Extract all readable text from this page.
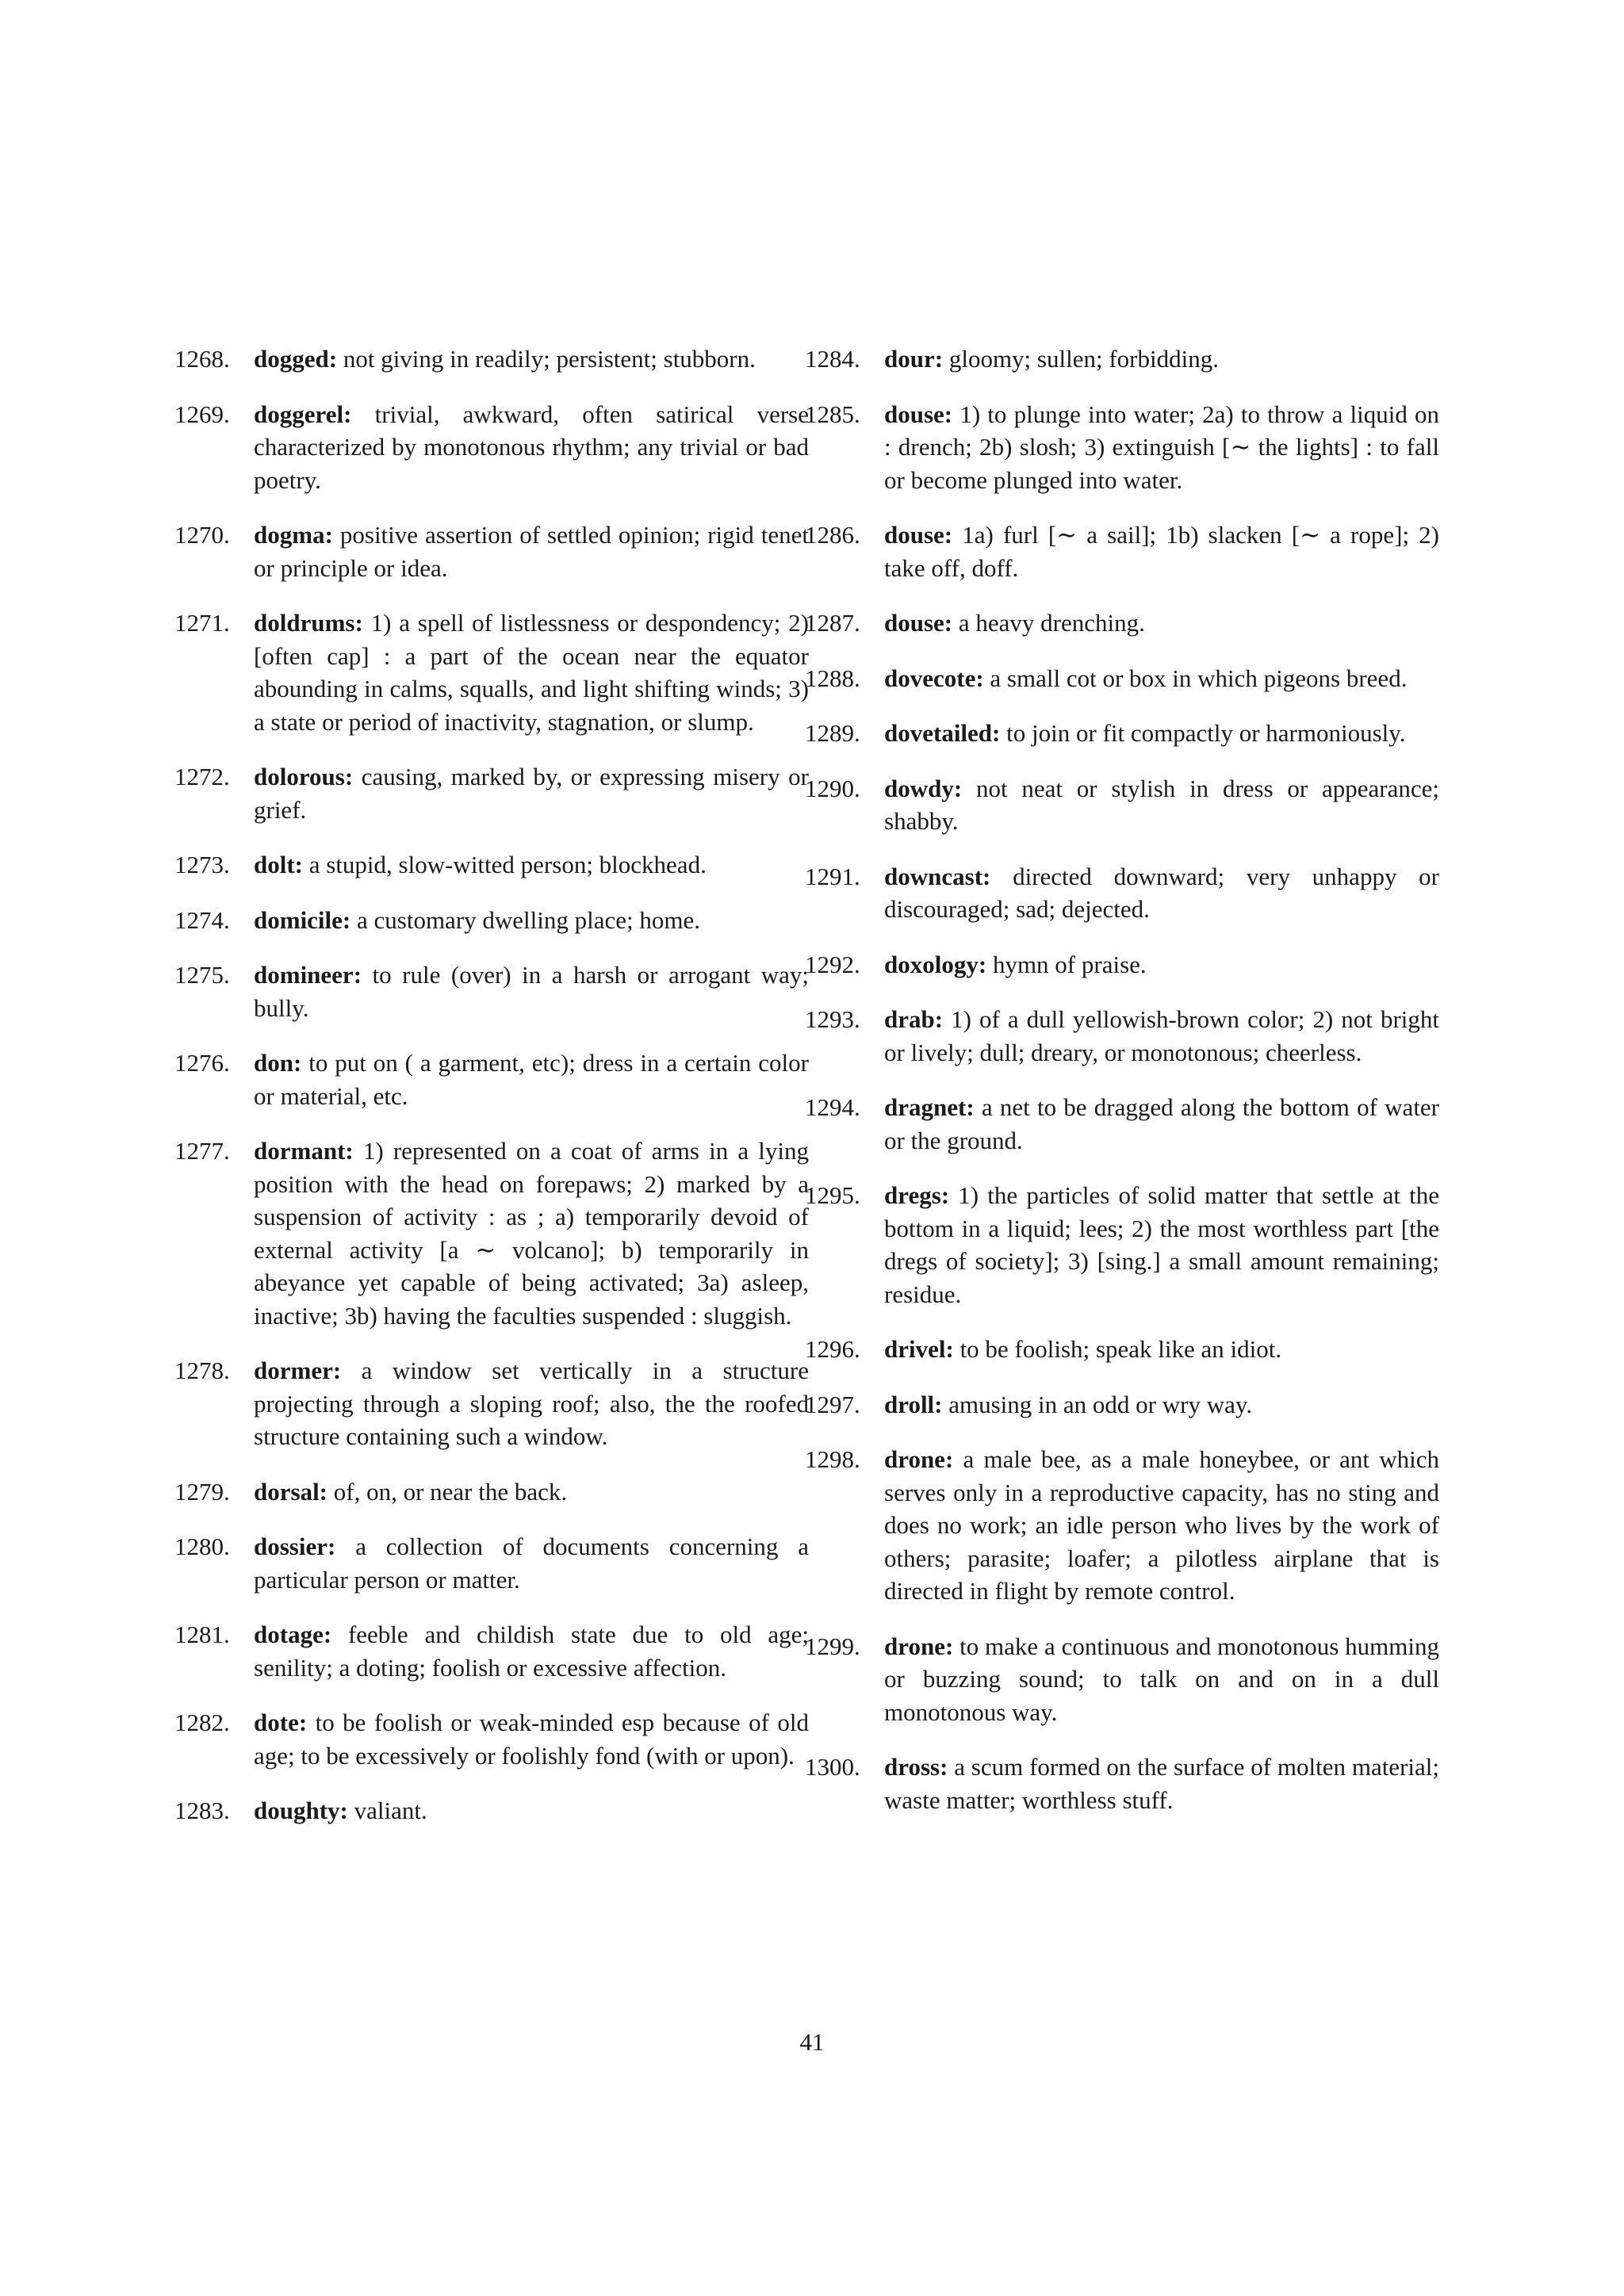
1268. dogged: not giving in readily; persistent; stubborn.
1269. doggerel: trivial, awkward, often satirical verse characterized by monotonous rhythm; any trivial or bad poetry.
1270. dogma: positive assertion of settled opinion; rigid tenet or principle or idea.
1271. doldrums: 1) a spell of listlessness or despondency; 2) [often cap] : a part of the ocean near the equator abounding in calms, squalls, and light shifting winds; 3) a state or period of inactivity, stagnation, or slump.
1272. dolorous: causing, marked by, or expressing misery or grief.
1273. dolt: a stupid, slow-witted person; blockhead.
1274. domicile: a customary dwelling place; home.
1275. domineer: to rule (over) in a harsh or arrogant way; bully.
1276. don: to put on ( a garment, etc); dress in a certain color or material, etc.
1277. dormant: 1) represented on a coat of arms in a lying position with the head on forepaws; 2) marked by a suspension of activity : as ; a) temporarily devoid of external activity [a ∼ volcano]; b) temporarily in abeyance yet capable of being activated; 3a) asleep, inactive; 3b) having the faculties suspended : sluggish.
1278. dormer: a window set vertically in a structure projecting through a sloping roof; also, the the roofed structure containing such a window.
1279. dorsal: of, on, or near the back.
1280. dossier: a collection of documents concerning a particular person or matter.
1281. dotage: feeble and childish state due to old age; senility; a doting; foolish or excessive affection.
1282. dote: to be foolish or weak-minded esp because of old age; to be excessively or foolishly fond (with or upon).
1283. doughty: valiant.
1284. dour: gloomy; sullen; forbidding.
1285. douse: 1) to plunge into water; 2a) to throw a liquid on : drench; 2b) slosh; 3) extinguish [∼ the lights] : to fall or become plunged into water.
1286. douse: 1a) furl [∼ a sail]; 1b) slacken [∼ a rope]; 2) take off, doff.
1287. douse: a heavy drenching.
1288. dovecote: a small cot or box in which pigeons breed.
1289. dovetailed: to join or fit compactly or harmoniously.
1290. dowdy: not neat or stylish in dress or appearance; shabby.
1291. downcast: directed downward; very unhappy or discouraged; sad; dejected.
1292. doxology: hymn of praise.
1293. drab: 1) of a dull yellowish-brown color; 2) not bright or lively; dull; dreary, or monotonous; cheerless.
1294. dragnet: a net to be dragged along the bottom of water or the ground.
1295. dregs: 1) the particles of solid matter that settle at the bottom in a liquid; lees; 2) the most worthless part [the dregs of society]; 3) [sing.] a small amount remaining; residue.
1296. drivel: to be foolish; speak like an idiot.
1297. droll: amusing in an odd or wry way.
1298. drone: a male bee, as a male honeybee, or ant which serves only in a reproductive capacity, has no sting and does no work; an idle person who lives by the work of others; parasite; loafer; a pilotless airplane that is directed in flight by remote control.
1299. drone: to make a continuous and monotonous humming or buzzing sound; to talk on and on in a dull monotonous way.
1300. dross: a scum formed on the surface of molten material; waste matter; worthless stuff.
41
